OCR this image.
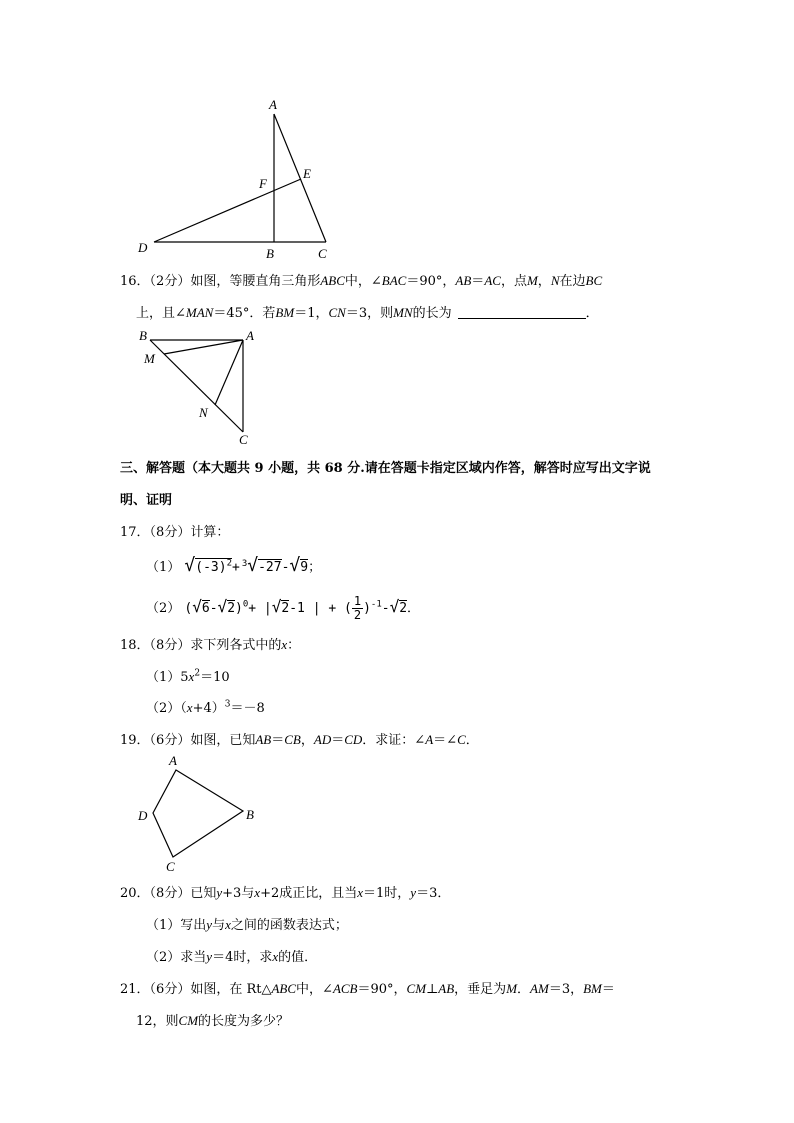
A
E
F
D	B	C
16．（2分）如图，等腰直角三角形ABC中，∠BAC＝90°，AB＝AC，点M，N在边BC
上，且∠MAN＝45°．若BM＝1，CN＝3，则MN的长为	．
B	A
M
N
C
三、解答题（本大题共 9 小题，共 68 分.请在答题卡指定区域内作答，解答时应写出文字说
明、证明
17．（8分）计算：
（1） $√(-3)^2+ ^3√-27-√9$；
（2） $(√6-√2)^0+ |√2-1$ | + ( $\frac{1}{2} )^{-1}-√2$．
18．（8分）求下列各式中的x：
$(1)5x^2=10$
$(2)(x+4)^3=-8$
19．（6分）如图，已知AB＝CB，AD＝CD．求证：∠A＝∠C．
A
B
C
D
20．（8分）已知y+3与x+2成正比，且当x＝1时，y＝3．
（1）写出y与x之间的函数表达式；
（2）求当y＝4时，求x的值．
21．（6分）如图，在 Rt△ABC中，∠ACB＝90°，CM⊥AB，垂足为M．AM＝3，BM＝
12，则CM的长度为多少？
